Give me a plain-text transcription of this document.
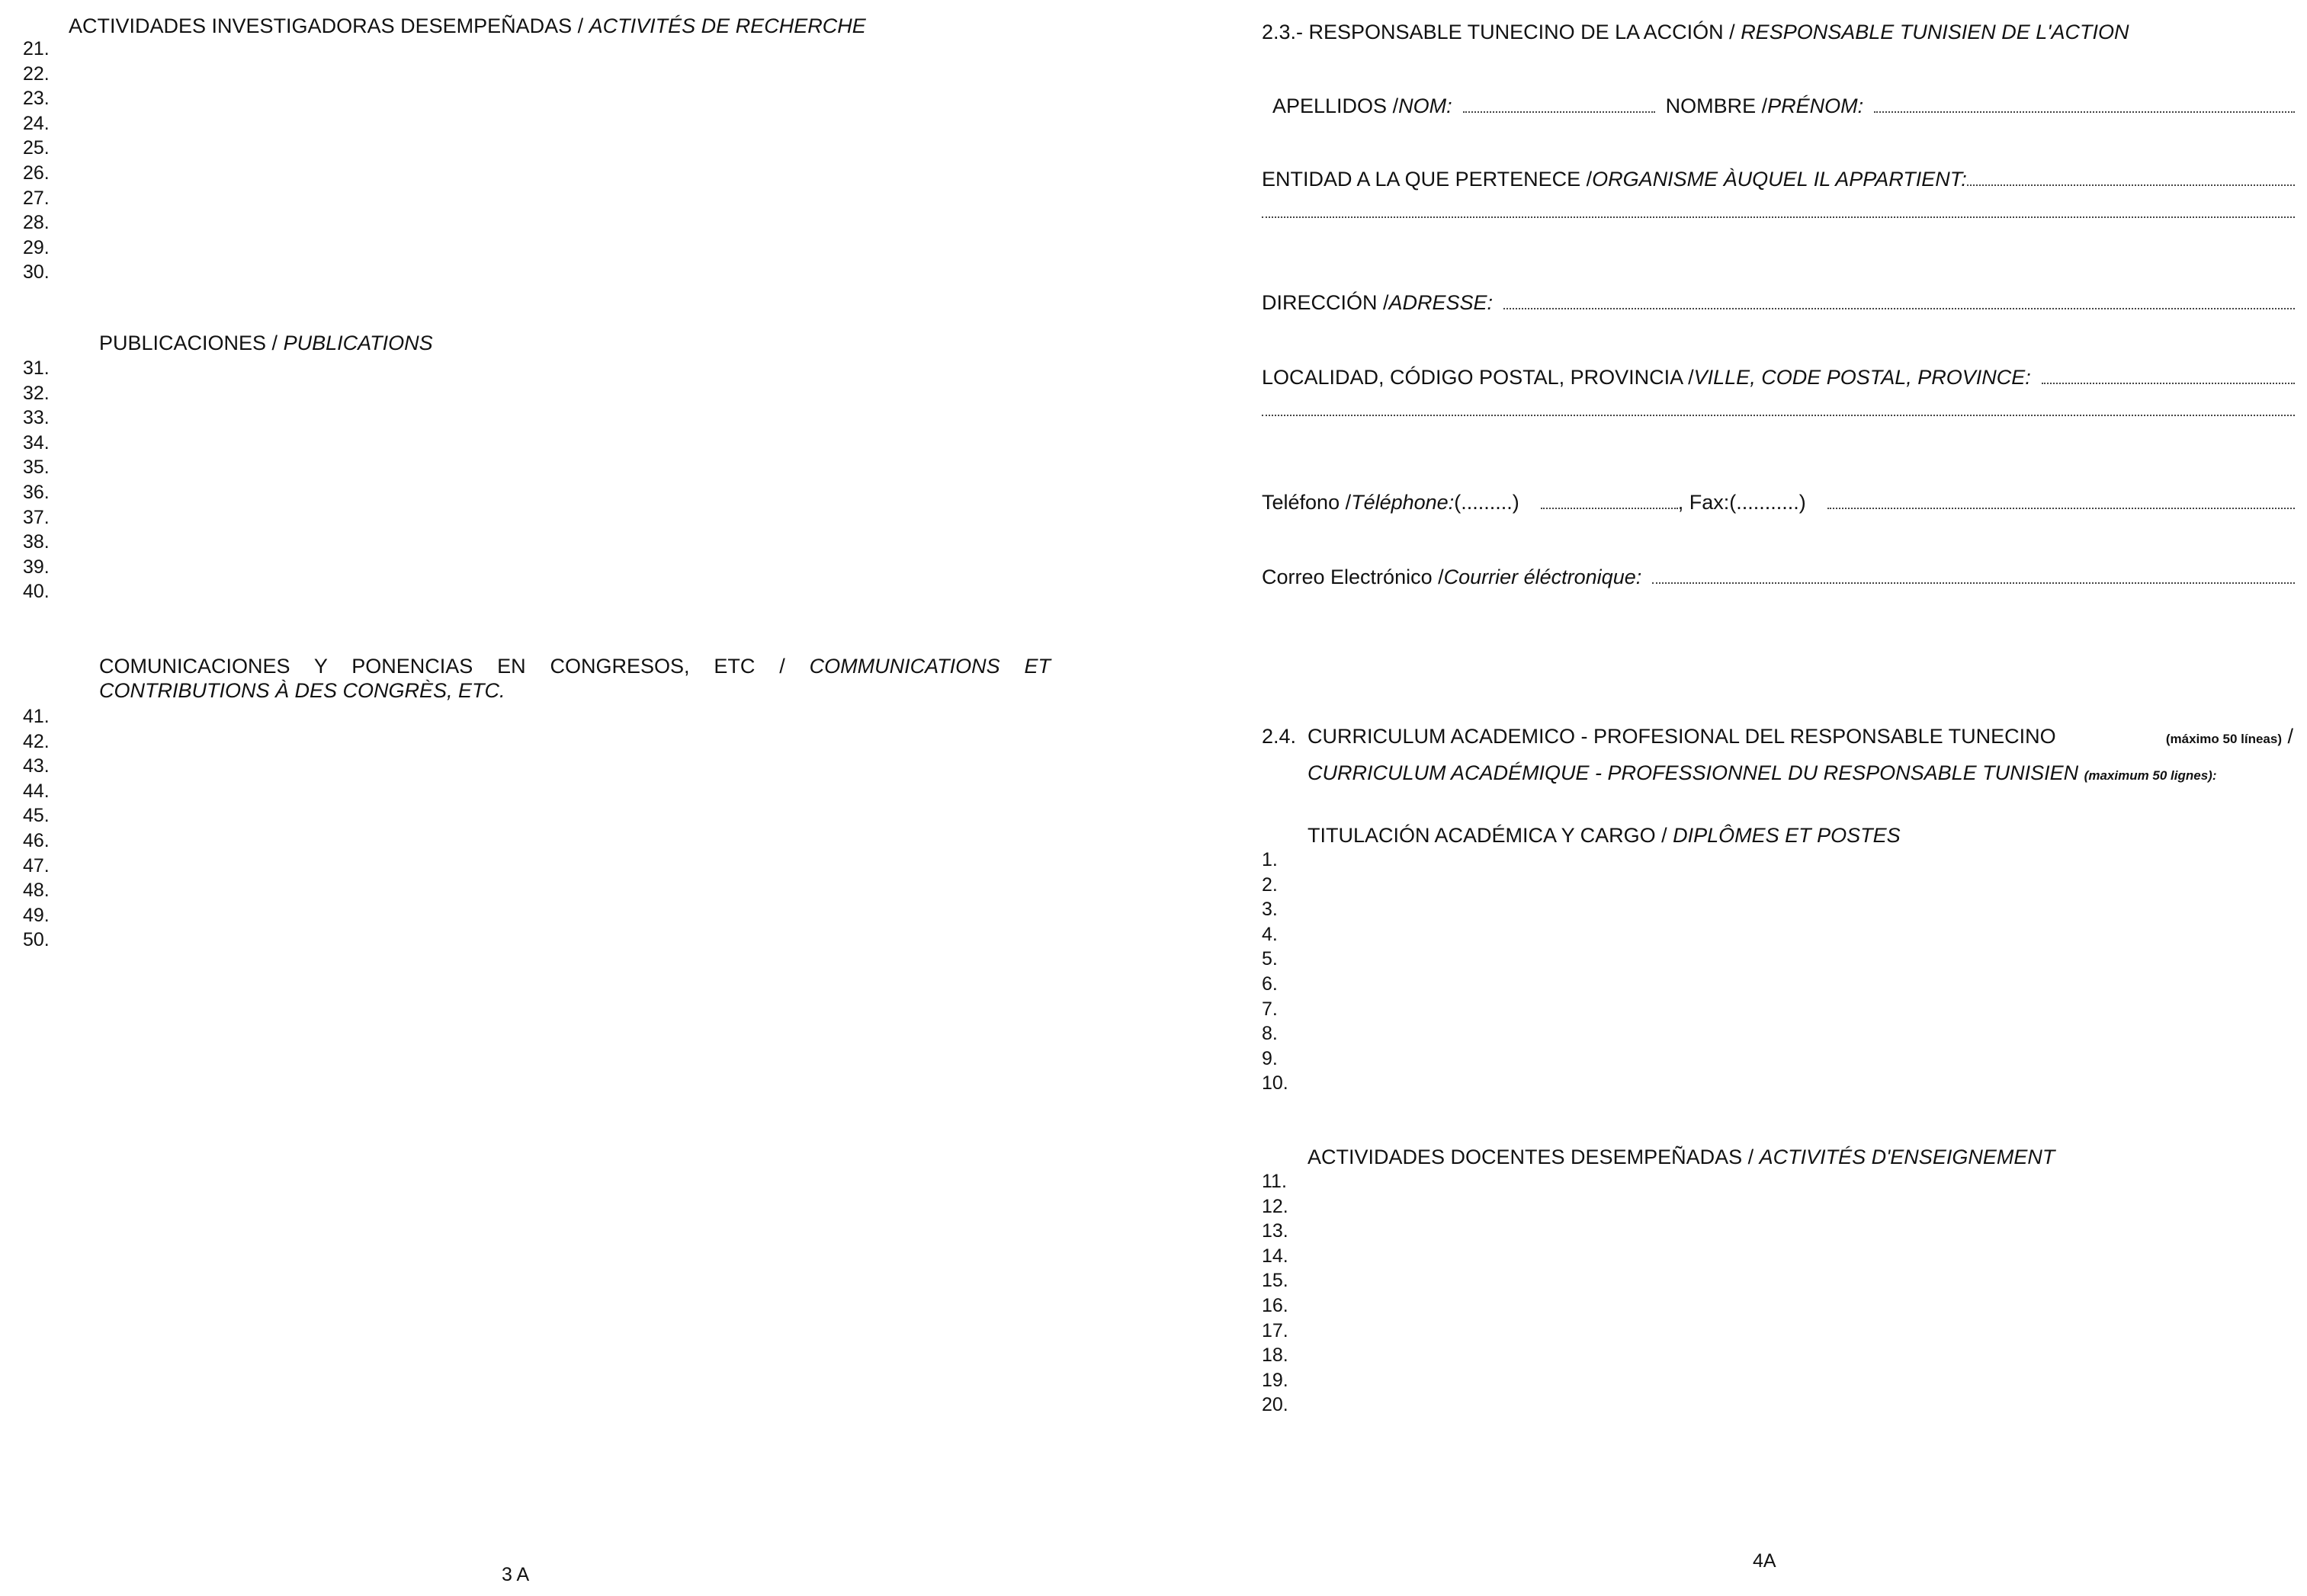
ACTIVIDADES INVESTIGADORAS DESEMPEÑADAS / ACTIVITÉS DE RECHERCHE
21.
22.
23.
24.
25.
26.
27.
28.
29.
30.
PUBLICACIONES / PUBLICATIONS
31.
32.
33.
34.
35.
36.
37.
38.
39.
40.
COMUNICACIONES Y PONENCIAS EN CONGRESOS, ETC / COMMUNICATIONS ET
CONTRIBUTIONS À DES CONGRÈS, ETC.
41.
42.
43.
44.
45.
46.
47.
48.
49.
50.
3 A
2.3.- RESPONSABLE TUNECINO DE LA ACCIÓN / RESPONSABLE TUNISIEN DE L'ACTION
APELLIDOS / NOM:	NOMBRE / PRÉNOM:
ENTIDAD A LA QUE PERTENECE / ORGANISME ÀUQUEL IL APPARTIENT:
DIRECCIÓN / ADRESSE:
LOCALIDAD, CÓDIGO POSTAL, PROVINCIA / VILLE, CODE POSTAL, PROVINCE:
Teléfono / Téléphone: (.........)	, Fax: (...........)
Correo Electrónico / Courrier éléctronique:
2.4. CURRICULUM ACADEMICO - PROFESIONAL DEL RESPONSABLE TUNECINO	(máximo 50 líneas) /
CURRICULUM ACADÉMIQUE - PROFESSIONNEL DU RESPONSABLE TUNISIEN (maximum 50 lignes):
TITULACIÓN ACADÉMICA Y CARGO / DIPLÔMES ET POSTES
1.
2.
3.
4.
5.
6.
7.
8.
9.
10.
ACTIVIDADES DOCENTES DESEMPEÑADAS / ACTIVITÉS D'ENSEIGNEMENT
11.
12.
13.
14.
15.
16.
17.
18.
19.
20.
4A
